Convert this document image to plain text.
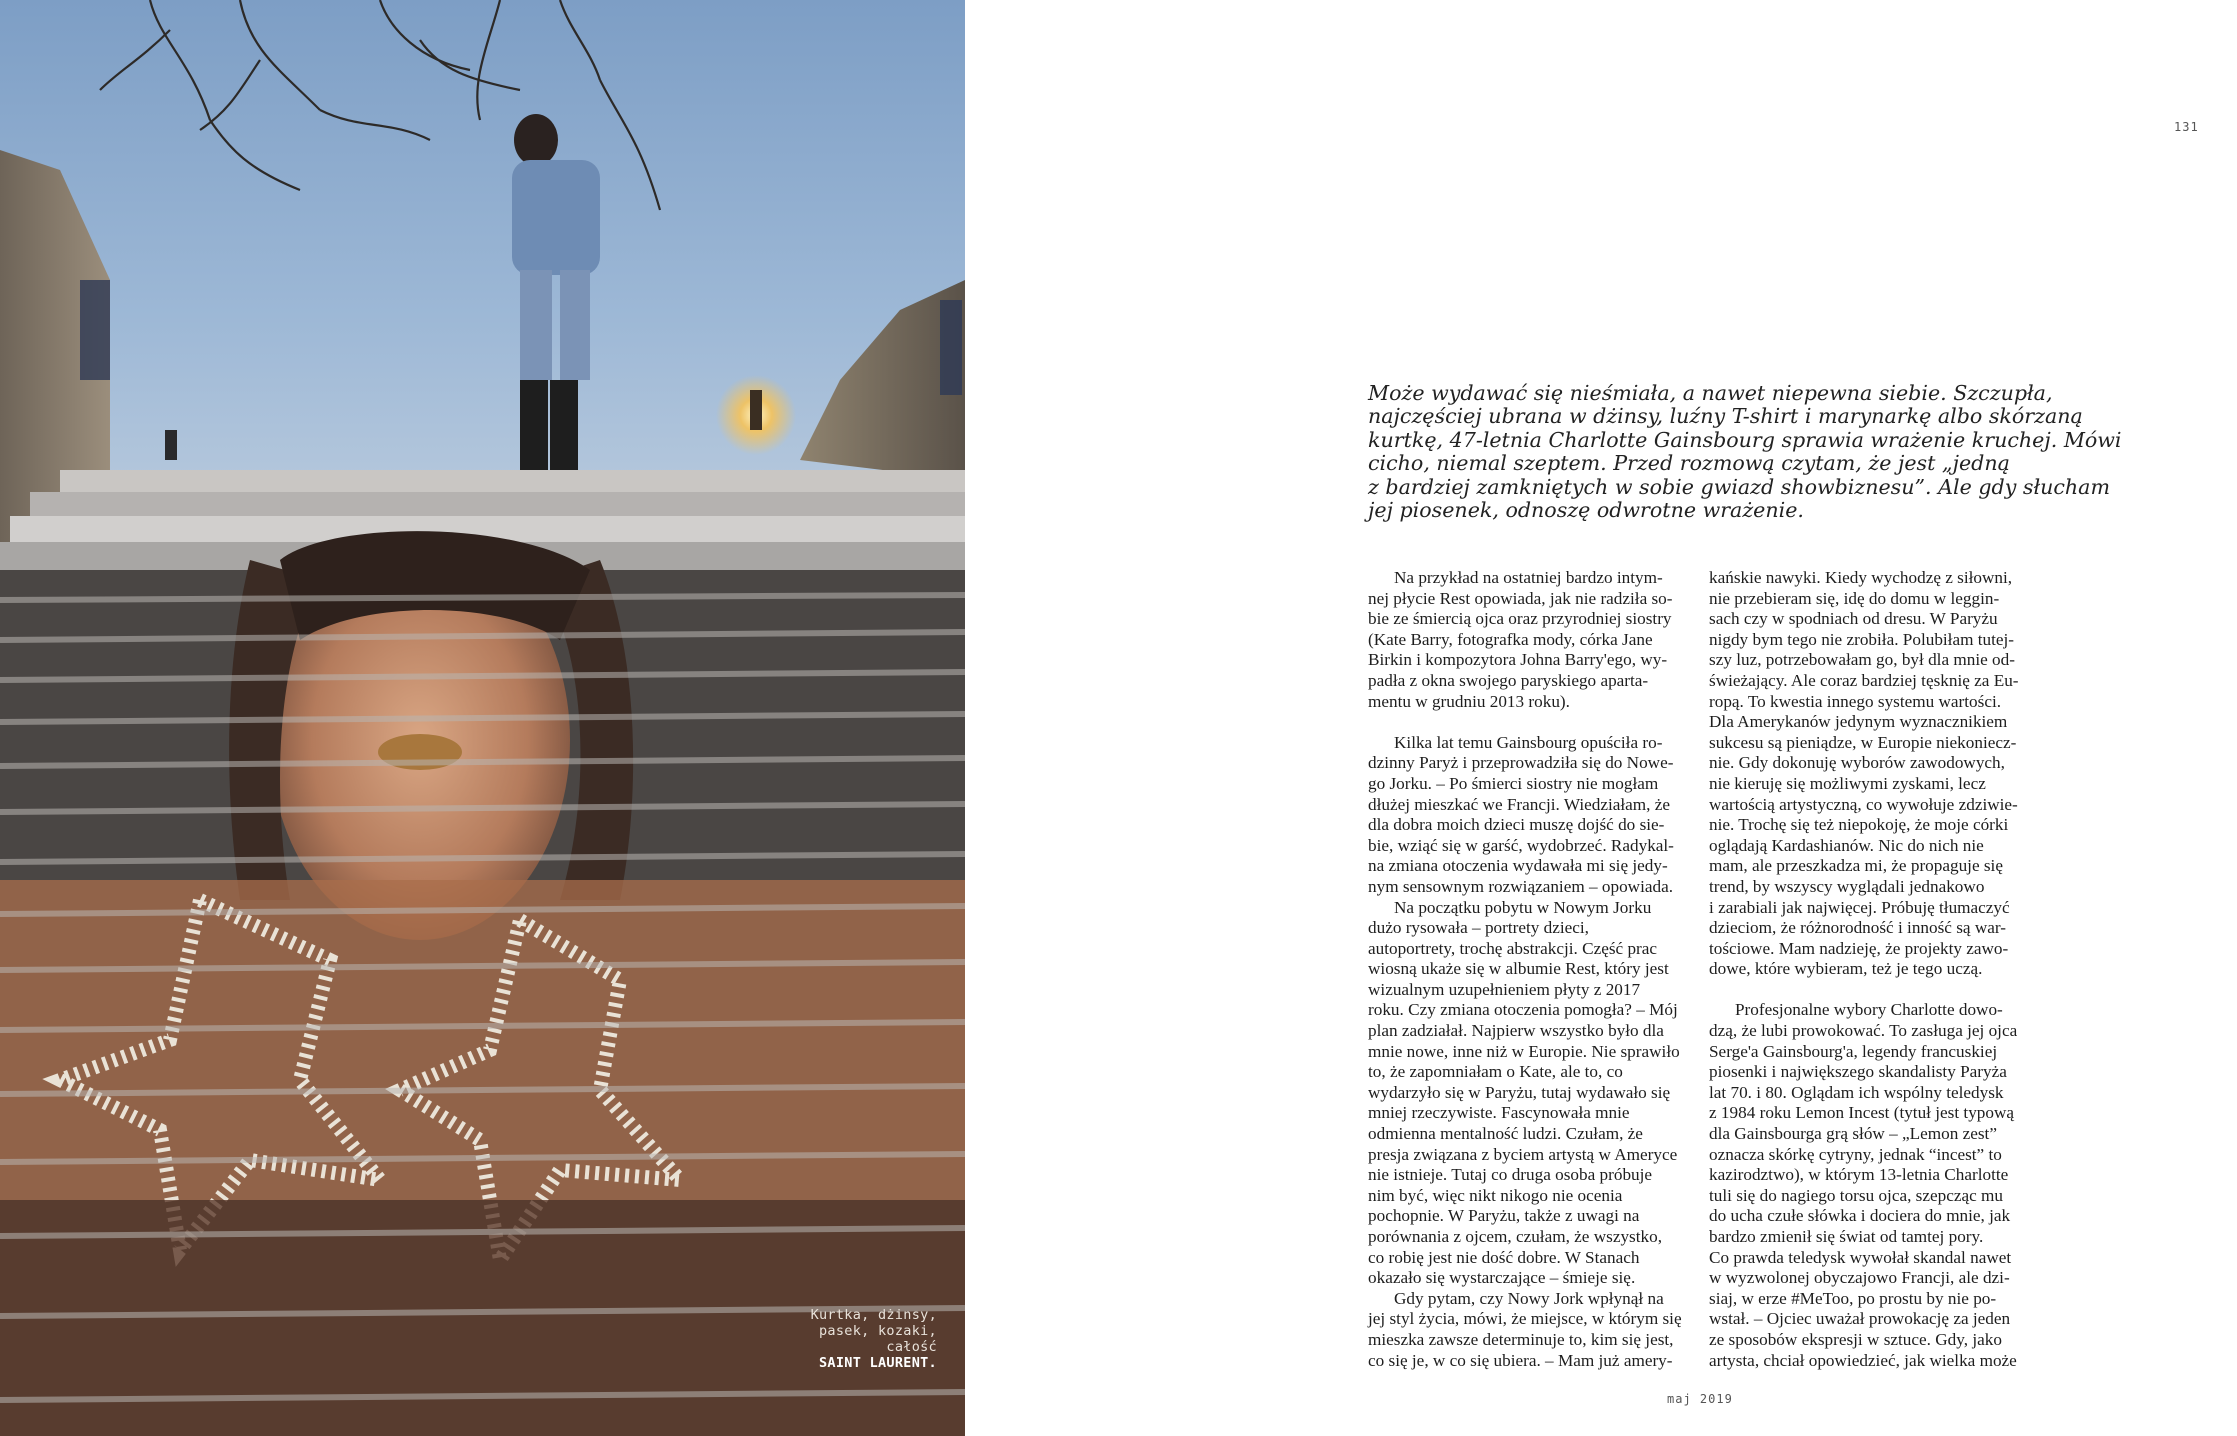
Kurtka, dżinsy,
pasek, kozaki,
całość
SAINT LAURENT.
131
Może wydawać się nieśmiała, a nawet niepewna siebie. Szczupła,
najczęściej ubrana w dżinsy, luźny T-shirt i marynarkę albo skórzaną
kurtkę, 47-letnia Charlotte Gainsbourg sprawia wrażenie kruchej. Mówi
cicho, niemal szeptem. Przed rozmową czytam, że jest „jedną
z bardziej zamkniętych w sobie gwiazd showbiznesu”. Ale gdy słucham
jej piosenek, odnoszę odwrotne wrażenie.
Na przykład na ostatniej bardzo intym-
nej płycie Rest opowiada, jak nie radziła so-
bie ze śmiercią ojca oraz przyrodniej siostry
(Kate Barry, fotografka mody, córka Jane
Birkin i kompozytora Johna Barry'ego, wy-
padła z okna swojego paryskiego aparta-
mentu w grudniu 2013 roku).
Kilka lat temu Gainsbourg opuściła ro-
dzinny Paryż i przeprowadziła się do Nowe-
go Jorku. – Po śmierci siostry nie mogłam
dłużej mieszkać we Francji. Wiedziałam, że
dla dobra moich dzieci muszę dojść do sie-
bie, wziąć się w garść, wydobrzeć. Radykal-
na zmiana otoczenia wydawała mi się jedy-
nym sensownym rozwiązaniem – opowiada.
Na początku pobytu w Nowym Jorku
dużo rysowała – portrety dzieci,
autoportrety, trochę abstrakcji. Część prac
wiosną ukaże się w albumie Rest, który jest
wizualnym uzupełnieniem płyty z 2017
roku. Czy zmiana otoczenia pomogła? – Mój
plan zadziałał. Najpierw wszystko było dla
mnie nowe, inne niż w Europie. Nie sprawiło
to, że zapomniałam o Kate, ale to, co
wydarzyło się w Paryżu, tutaj wydawało się
mniej rzeczywiste. Fascynowała mnie
odmienna mentalność ludzi. Czułam, że
presja związana z byciem artystą w Ameryce
nie istnieje. Tutaj co druga osoba próbuje
nim być, więc nikt nikogo nie ocenia
pochopnie. W Paryżu, także z uwagi na
porównania z ojcem, czułam, że wszystko,
co robię jest nie dość dobre. W Stanach
okazało się wystarczające – śmieje się.
Gdy pytam, czy Nowy Jork wpłynął na
jej styl życia, mówi, że miejsce, w którym się
mieszka zawsze determinuje to, kim się jest,
co się je, w co się ubiera. – Mam już amery-
kańskie nawyki. Kiedy wychodzę z siłowni,
nie przebieram się, idę do domu w leggin-
sach czy w spodniach od dresu. W Paryżu
nigdy bym tego nie zrobiła. Polubiłam tutej-
szy luz, potrzebowałam go, był dla mnie od-
świeżający. Ale coraz bardziej tęsknię za Eu-
ropą. To kwestia innego systemu wartości.
Dla Amerykanów jedynym wyznacznikiem
sukcesu są pieniądze, w Europie niekoniecz-
nie. Gdy dokonuję wyborów zawodowych,
nie kieruję się możliwymi zyskami, lecz
wartością artystyczną, co wywołuje zdziwie-
nie. Trochę się też niepokoję, że moje córki
oglądają Kardashianów. Nic do nich nie
mam, ale przeszkadza mi, że propaguje się
trend, by wszyscy wyglądali jednakowo
i zarabiali jak najwięcej. Próbuję tłumaczyć
dzieciom, że różnorodność i inność są war-
tościowe. Mam nadzieję, że projekty zawo-
dowe, które wybieram, też je tego uczą.
Profesjonalne wybory Charlotte dowo-
dzą, że lubi prowokować. To zasługa jej ojca
Serge'a Gainsbourg'a, legendy francuskiej
piosenki i największego skandalisty Paryża
lat 70. i 80. Oglądam ich wspólny teledysk
z 1984 roku Lemon Incest (tytuł jest typową
dla Gainsbourga grą słów – „Lemon zest”
oznacza skórkę cytryny, jednak “incest” to
kazirodztwo), w którym 13-letnia Charlotte
tuli się do nagiego torsu ojca, szepcząc mu
do ucha czułe słówka i dociera do mnie, jak
bardzo zmienił się świat od tamtej pory.
Co prawda teledysk wywołał skandal nawet
w wyzwolonej obyczajowo Francji, ale dzi-
siaj, w erze #MeToo, po prostu by nie po-
wstał. – Ojciec uważał prowokację za jeden
ze sposobów ekspresji w sztuce. Gdy, jako
artysta, chciał opowiedzieć, jak wielka może
maj 2019
